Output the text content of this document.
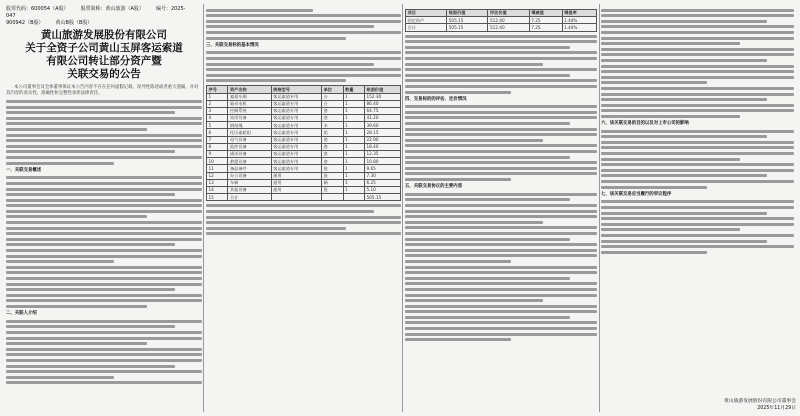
股票代码：600054（A股） 股票简称：黄山旅游（A股） 编号：2025-047
900942（B股） 黄山B股（B股）
黄山旅游发展股份有限公司
关于全资子公司黄山玉屏客运索道
有限公司转让部分资产暨
关联交易的公告

本公司董事会及全体董事保证本公告内容不存在任何虚假记载、误导性陈述或者重大遗漏，并对其内容的真实性、准确性和完整性承担法律责任。

一、关联交易概述

二、关联人介绍

三、关联交易标的基本情况

序号	资产名称	规格型号	单位	数量	账面价值
1	索道车厢	客运索道专用	台	1	152.30
2	驱动电机	客运索道专用	台	1	86.40
3	控制系统	客运索道专用	套	1	64.75
4	站房设备	客运索道专用	套	1	41.20
5	钢丝绳	客运索道专用	米	1	39.60
6	托压索轮组	客运索道专用	组	1	28.15
7	电气设备	客运索道专用	套	1	22.90
8	监控设备	客运索道专用	套	1	18.40
9	通讯设备	客运索道专用	套	1	12.35
10	救援设备	客运索道专用	套	1	10.80
11	备品备件	客运索道专用	批	1	9.65
12	办公设备	通用	批	1	7.30
13	车辆	通用	辆	1	6.25
14	其他设备	通用	批	1	5.10
15	合计				505.15
项目	账面价值	评估价值	增减值	增值率
固定资产	505.15	512.40	7.25	1.44%
合计	505.15	512.40	7.25	1.44%

四、交易标的的评估、定价情况

五、关联交易协议的主要内容

六、该关联交易的目的以及对上市公司的影响

七、该关联交易应当履行的审议程序

黄山旅游发展股份有限公司董事会
2025年11月29日
